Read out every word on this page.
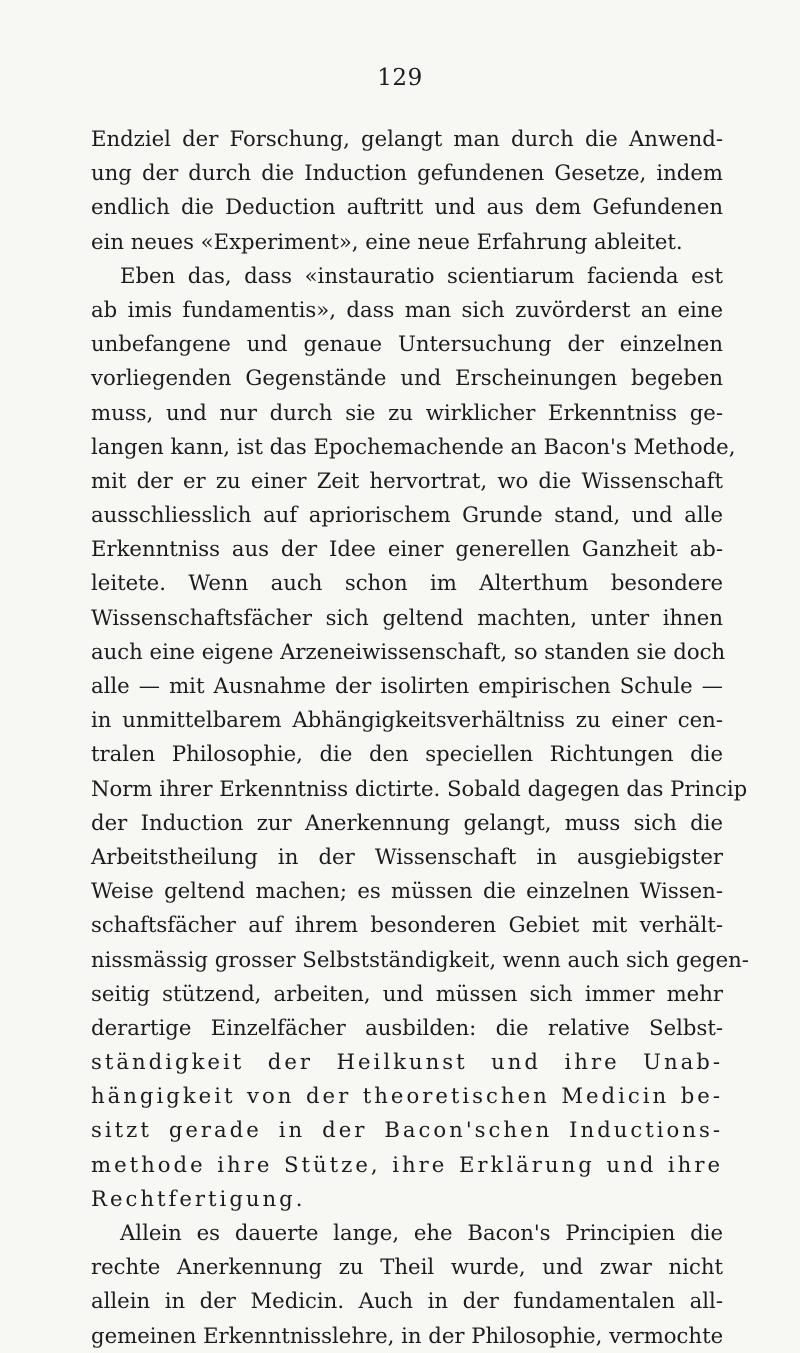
129
Endziel der Forschung, gelangt man durch die Anwend-
ung der durch die Induction gefundenen Gesetze, indem
endlich die Deduction auftritt und aus dem Gefundenen
ein neues «Experiment», eine neue Erfahrung ableitet.
Eben das, dass «instauratio scientiarum facienda est
ab imis fundamentis», dass man sich zuvörderst an eine
unbefangene und genaue Untersuchung der einzelnen
vorliegenden Gegenstände und Erscheinungen begeben
muss, und nur durch sie zu wirklicher Erkenntniss ge-
langen kann, ist das Epochemachende an Bacon's Methode,
mit der er zu einer Zeit hervortrat, wo die Wissenschaft
ausschliesslich auf apriorischem Grunde stand, und alle
Erkenntniss aus der Idee einer generellen Ganzheit ab-
leitete. Wenn auch schon im Alterthum besondere
Wissenschaftsfächer sich geltend machten, unter ihnen
auch eine eigene Arzeneiwissenschaft, so standen sie doch
alle — mit Ausnahme der isolirten empirischen Schule —
in unmittelbarem Abhängigkeitsverhältniss zu einer cen-
tralen Philosophie, die den speciellen Richtungen die
Norm ihrer Erkenntniss dictirte. Sobald dagegen das Princip
der Induction zur Anerkennung gelangt, muss sich die
Arbeitstheilung in der Wissenschaft in ausgiebigster
Weise geltend machen; es müssen die einzelnen Wissen-
schaftsfächer auf ihrem besonderen Gebiet mit verhält-
nissmässig grosser Selbstständigkeit, wenn auch sich gegen-
seitig stützend, arbeiten, und müssen sich immer mehr
derartige Einzelfächer ausbilden: die relative Selbst-
ständigkeit der Heilkunst und ihre Unab-
hängigkeit von der theoretischen Medicin be-
sitzt gerade in der Bacon'schen Inductions-
methode ihre Stütze, ihre Erklärung und ihre
Rechtfertigung.
Allein es dauerte lange, ehe Bacon's Principien die
rechte Anerkennung zu Theil wurde, und zwar nicht
allein in der Medicin. Auch in der fundamentalen all-
gemeinen Erkenntnisslehre, in der Philosophie, vermochte
